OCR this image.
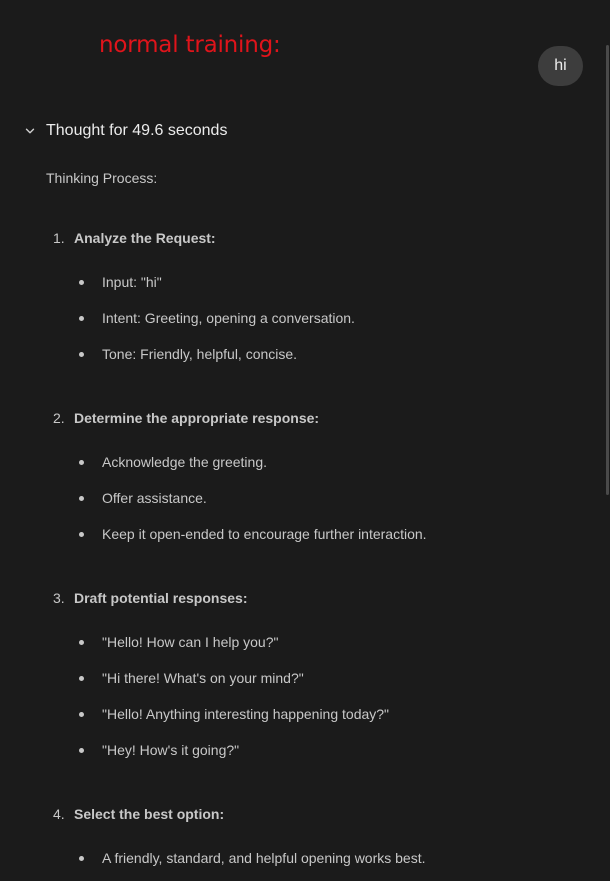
normal training:
hi
Thought for 49.6 seconds
Thinking Process:
1. Analyze the Request:
Input: "hi"
Intent: Greeting, opening a conversation.
Tone: Friendly, helpful, concise.
2. Determine the appropriate response:
Acknowledge the greeting.
Offer assistance.
Keep it open-ended to encourage further interaction.
3. Draft potential responses:
"Hello! How can I help you?"
"Hi there! What's on your mind?"
"Hello! Anything interesting happening today?"
"Hey! How's it going?"
4. Select the best option:
A friendly, standard, and helpful opening works best.
